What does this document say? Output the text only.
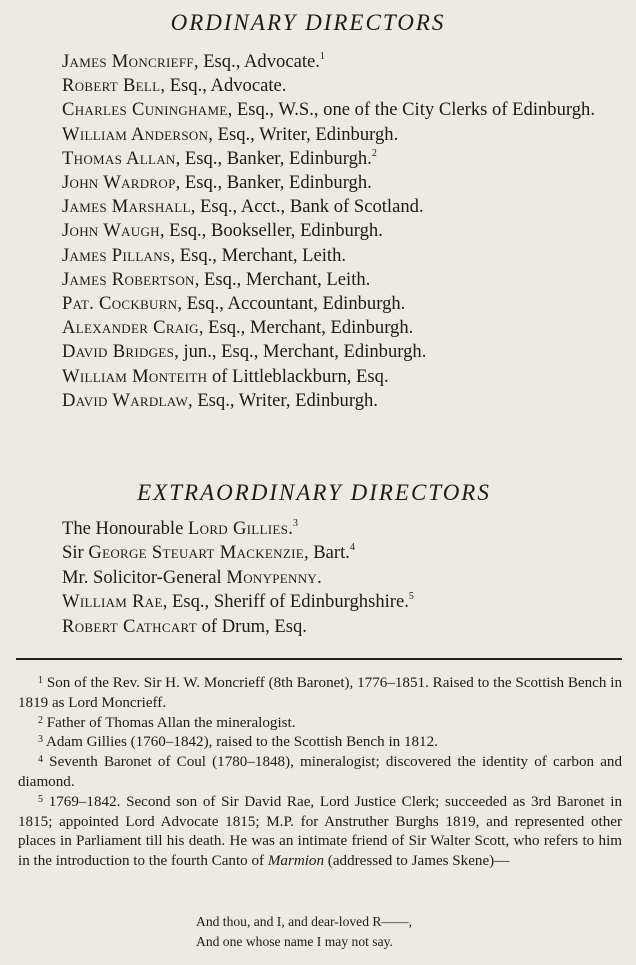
ORDINARY DIRECTORS
James Moncrieff, Esq., Advocate.$^1$
Robert Bell, Esq., Advocate.
Charles Cuninghame, Esq., W.S., one of the City Clerks of Edinburgh.
William Anderson, Esq., Writer, Edinburgh.
Thomas Allan, Esq., Banker, Edinburgh.$^2$
John Wardrop, Esq., Banker, Edinburgh.
James Marshall, Esq., Acct., Bank of Scotland.
John Waugh, Esq., Bookseller, Edinburgh.
James Pillans, Esq., Merchant, Leith.
James Robertson, Esq., Merchant, Leith.
Pat. Cockburn, Esq., Accountant, Edinburgh.
Alexander Craig, Esq., Merchant, Edinburgh.
David Bridges, jun., Esq., Merchant, Edinburgh.
William Monteith of Littleblackburn, Esq.
David Wardlaw, Esq., Writer, Edinburgh.
EXTRAORDINARY DIRECTORS
The Honourable Lord Gillies.$^3$
Sir George Steuart Mackenzie, Bart.$^4$
Mr. Solicitor-General Monypenny.
William Rae, Esq., Sheriff of Edinburghshire.$^5$
Robert Cathcart of Drum, Esq.
$^1$ Son of the Rev. Sir H. W. Moncrieff (8th Baronet), 1776–1851. Raised to the Scottish Bench in 1819 as Lord Moncrieff.
$^2$ Father of Thomas Allan the mineralogist.
$^3$ Adam Gillies (1760–1842), raised to the Scottish Bench in 1812.
$^4$ Seventh Baronet of Coul (1780–1848), mineralogist; discovered the identity of carbon and diamond.
$^5$ 1769–1842. Second son of Sir David Rae, Lord Justice Clerk; succeeded as 3rd Baronet in 1815; appointed Lord Advocate 1815; M.P. for Anstruther Burghs 1819, and represented other places in Parliament till his death. He was an intimate friend of Sir Walter Scott, who refers to him in the introduction to the fourth Canto of Marmion (addressed to James Skene)—
And thou, and I, and dear-loved R——,
And one whose name I may not say.
